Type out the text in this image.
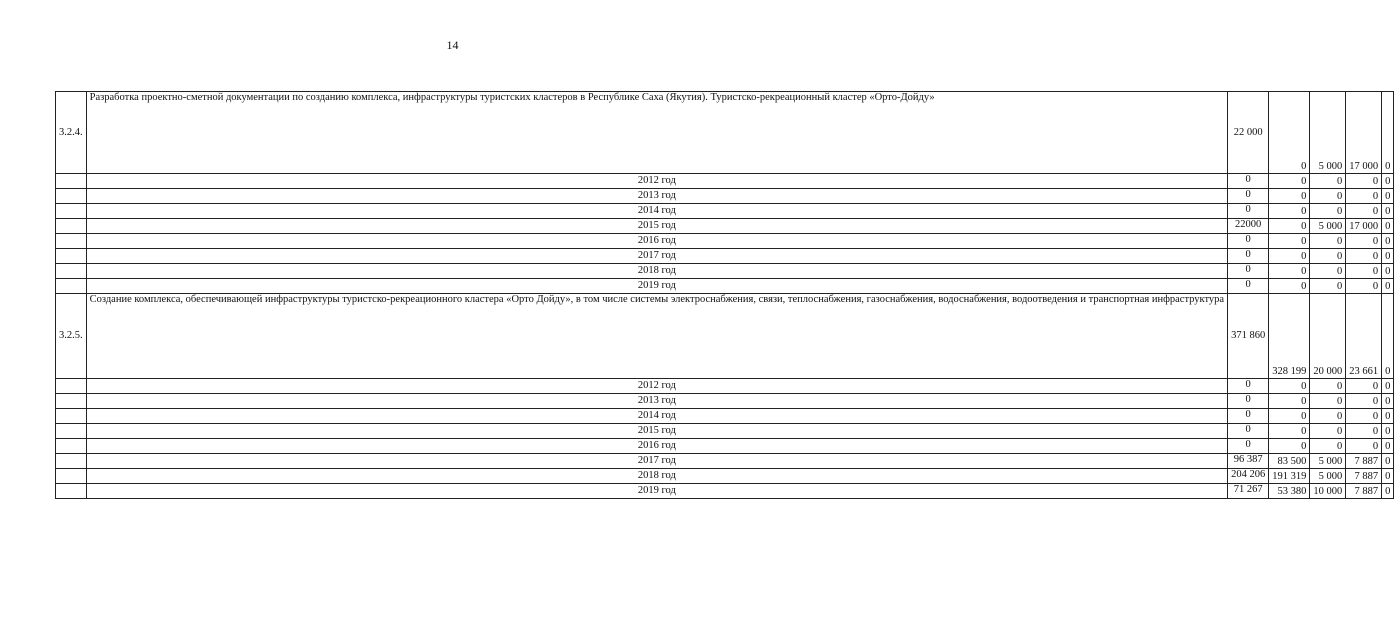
14
3.2.4.	Разработка проектно-сметной документации по созданию комплекса, инфраструктуры туристских кластеров в Республике Саха (Якутия). Туристско-рекреационный кластер «Орто-Дойду»	22 000	0	5 000	17 000	0
	2012 год	0	0	0	0	0
	2013 год	0	0	0	0	0
	2014 год	0	0	0	0	0
	2015 год	22000	0	5 000	17 000	0
	2016 год	0	0	0	0	0
	2017 год	0	0	0	0	0
	2018 год	0	0	0	0	0
	2019 год	0	0	0	0	0
3.2.5.	Создание комплекса, обеспечивающей инфраструктуры туристско-рекреационного кластера «Орто Дойду», в том числе системы электроснабжения, связи, теплоснабжения, газоснабжения, водоснабжения, водоотведения и транспортная инфраструктура	371 860	328 199	20 000	23 661	0
	2012 год	0	0	0	0	0
	2013 год	0	0	0	0	0
	2014 год	0	0	0	0	0
	2015 год	0	0	0	0	0
	2016 год	0	0	0	0	0
	2017 год	96 387	83 500	5 000	7 887	0
	2018 год	204 206	191 319	5 000	7 887	0
	2019 год	71 267	53 380	10 000	7 887	0
